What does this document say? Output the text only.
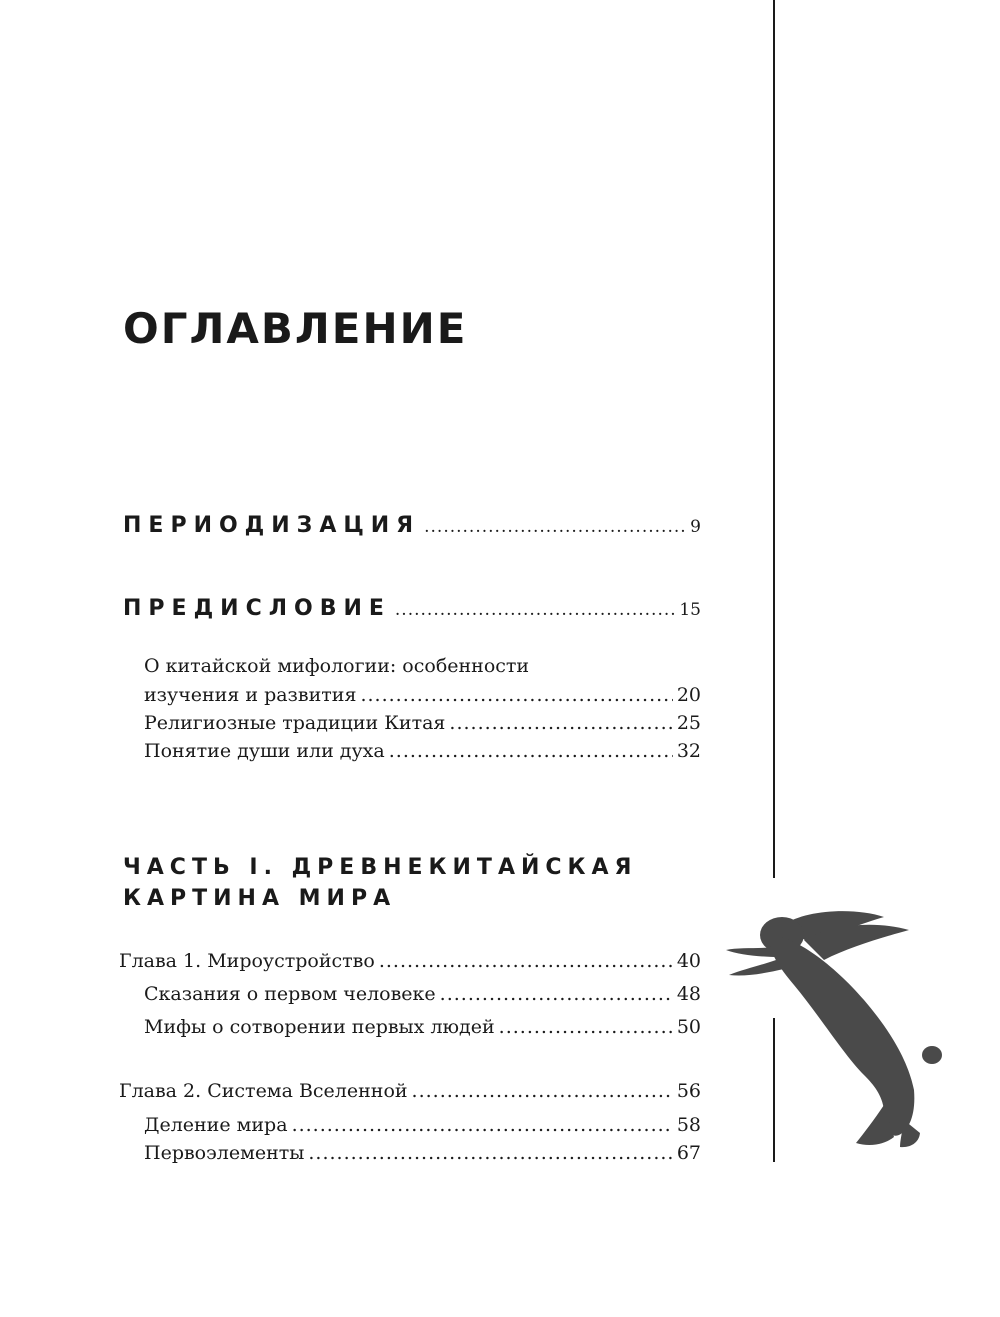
ОГЛАВЛЕНИЕ
ПЕРИОДИЗАЦИЯ .....	9
ПРЕДИСЛОВИЕ .....	15
О китайской мифологии: особенности
изучения и развития .....	20
Религиозные традиции Китая .....	25
Понятие души или духа .....	32
ЧАСТЬ I. ДРЕВНЕКИТАЙСКАЯ
КАРТИНА МИРА
Глава 1. Мироустройство .....	40
Сказания о первом человеке .....	48
Мифы о сотворении первых людей .....	50
Глава 2. Система Вселенной .....	56
Деление мира .....	58
Первоэлементы .....	67
